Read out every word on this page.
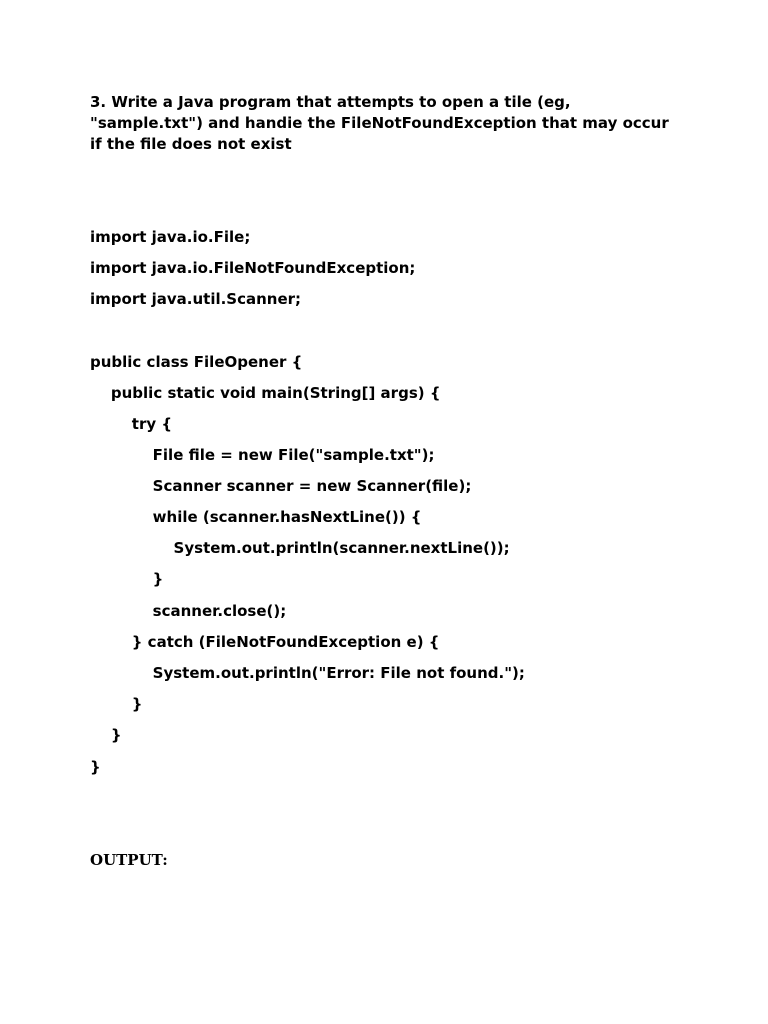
3. Write a Java program that attempts to open a tile (eg,
"sample.txt") and handie the FileNotFoundException that may occur
if the file does not exist
import java.io.File;
import java.io.FileNotFoundException;
import java.util.Scanner;
public class FileOpener {
public static void main(String[] args) {
try {
File file = new File("sample.txt");
Scanner scanner = new Scanner(file);
while (scanner.hasNextLine()) {
System.out.println(scanner.nextLine());
}
scanner.close();
} catch (FileNotFoundException e) {
System.out.println("Error: File not found.");
}
}
}
OUTPUT:
